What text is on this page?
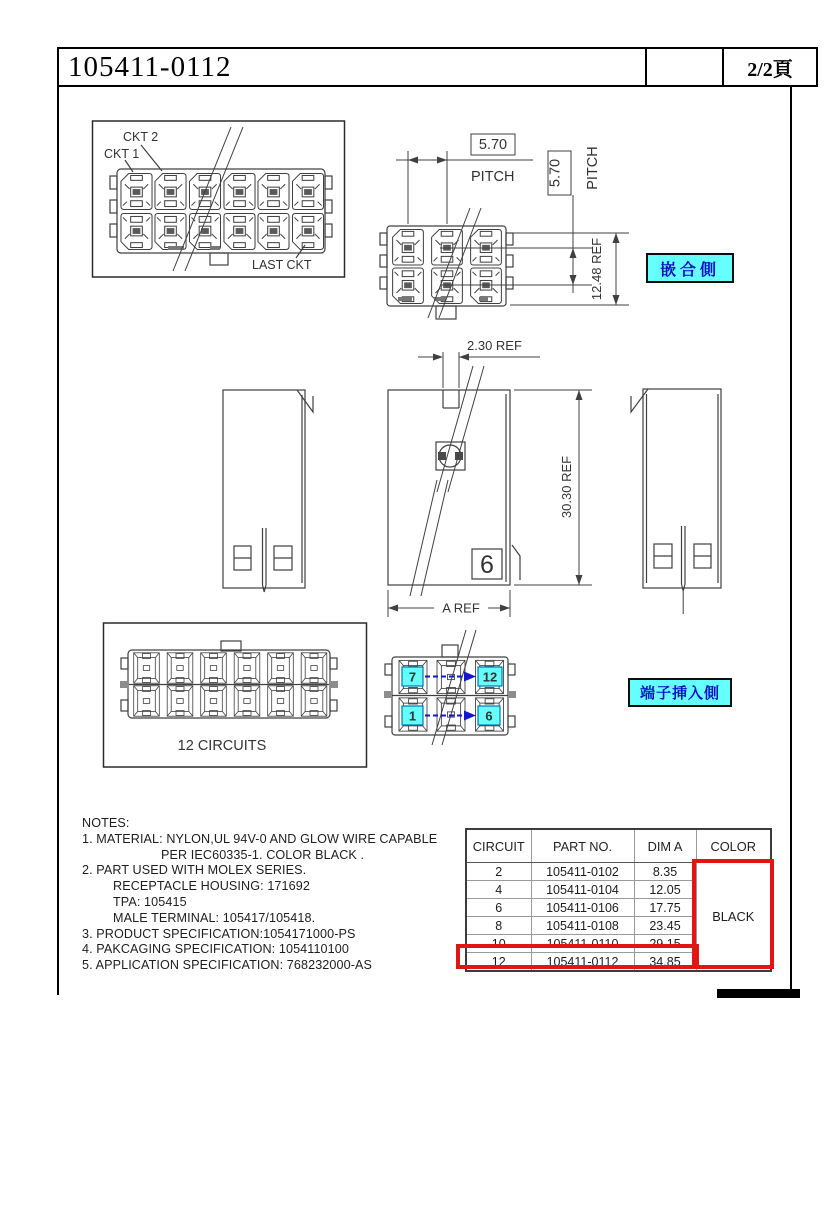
105411-0112	2/2頁
CKT 2
CKT 1
LAST CKT
5.70
PITCH 5.70 PITCH
12.48 REF
2.30 REF
30.30 REF
A REF
6
12 CIRCUITS
7	12
1	6
嵌合側
端子挿入側
NOTES:
1. MATERIAL: NYLON,UL 94V-0 AND GLOW WIRE CAPABLE
PER IEC60335-1. COLOR BLACK .
2. PART USED WITH MOLEX SERIES.
RECEPTACLE HOUSING: 171692
TPA: 105415
MALE TERMINAL: 105417/105418.
3. PRODUCT SPECIFICATION:1054171000-PS
4. PAKCAGING SPECIFICATION: 1054110100
5. APPLICATION SPECIFICATION: 768232000-AS
CIRCUIT	PART NO.	DIM A	COLOR
2	105411-0102	8.35	BLACK
4	105411-0104	12.05	
6	105411-0106	17.75	
8	105411-0108	23.45	
10	105411-0110	29.15	
12	105411-0112	34.85	
